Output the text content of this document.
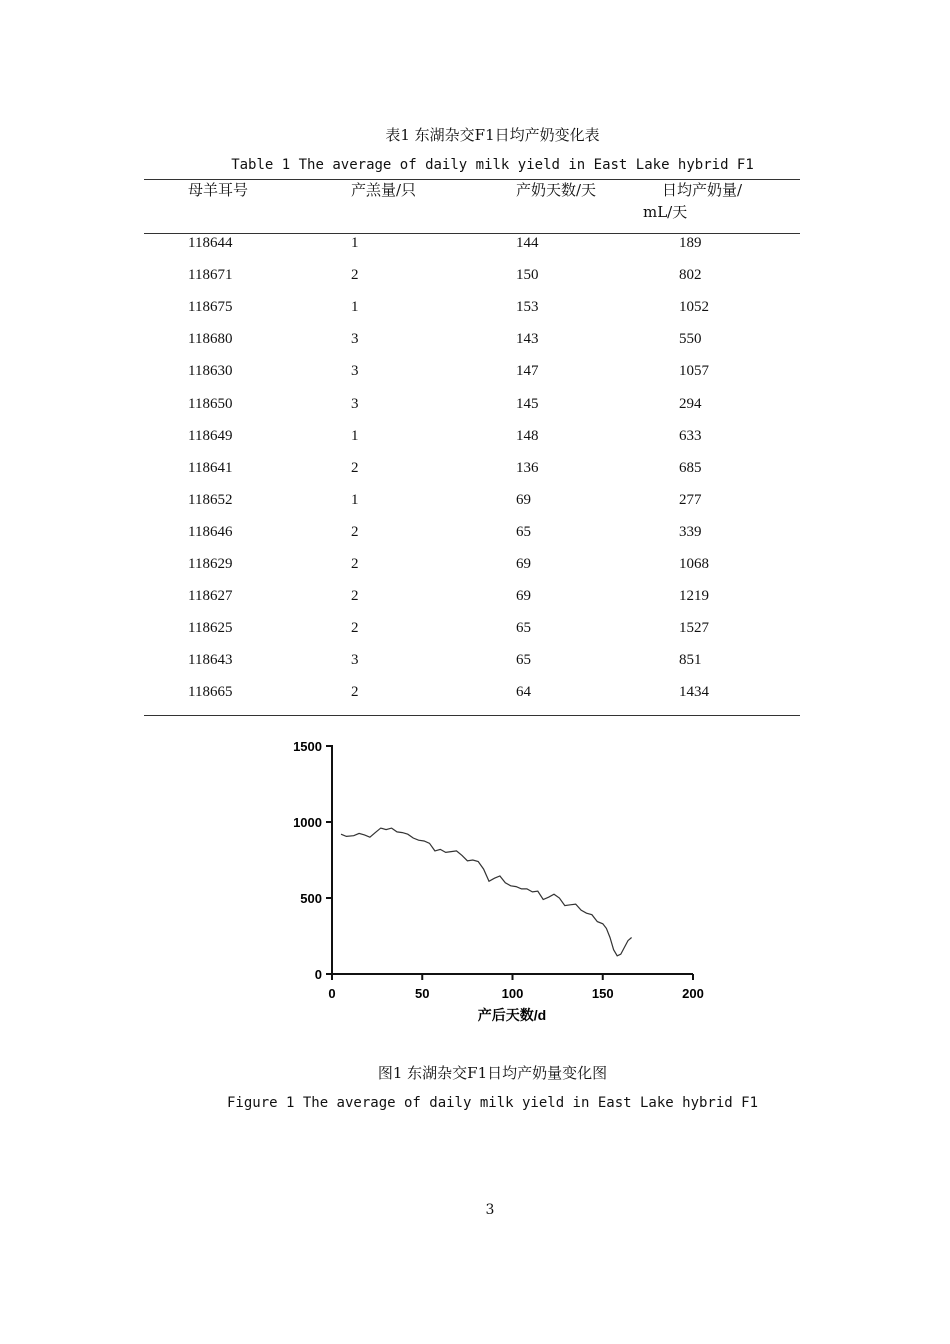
表1 东湖杂交F1日均产奶变化表
Table 1 The average of daily milk yield in East Lake hybrid F1
母羊耳号	产羔量/只	产奶天数/天	日均产奶量/
mL/天
118644	1	144	189
118671	2	150	802
118675	1	153	1052
118680	3	143	550
118630	3	147	1057
118650	3	145	294
118649	1	148	633
118641	2	136	685
118652	1	69	277
118646	2	65	339
118629	2	69	1068
118627	2	69	1219
118625	2	65	1527
118643	3	65	851
118665	2	64	1434
0	50	100	150	200
0
500
1000
1500
产后天数/d
图1 东湖杂交F1日均产奶量变化图
Figure 1 The average of daily milk yield in East Lake hybrid F1
3
